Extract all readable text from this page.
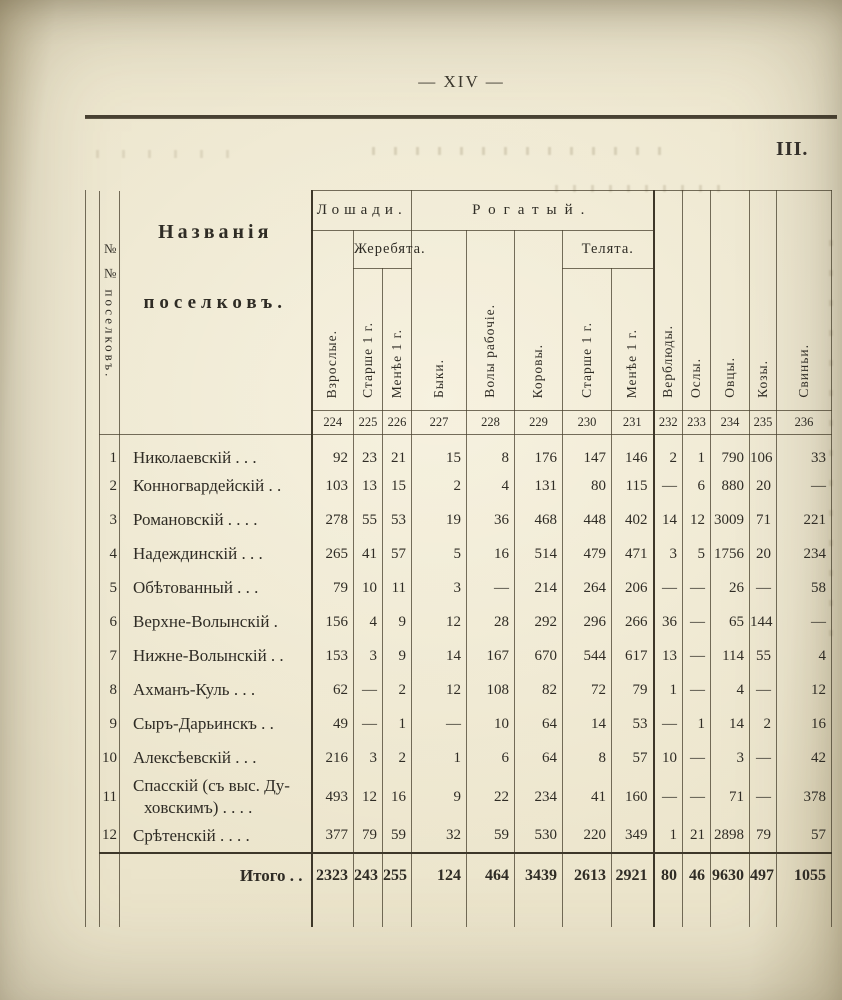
— XIV —
III.
№ № поселковъ.	Названія
поселковъ.	Лошади.			Рогатый.					Верблюды.	Ослы.	Овцы.	Козы.	Свиньи.
		Взрослые.	Жеребята.		Быки.	Волы рабочіе.	Коровы.	Телята.						
			Старше 1 г.	Менѣе 1 г.				Старше 1 г.	Менѣе 1 г.					
		224	225	226	227	228	229	230	231	232	233	234	235	236
1	Николаевскій . . .	92	23	21	15	8	176	147	146	2	1	790	106	33
2	Конногвардейскій . .	103	13	15	2	4	131	80	115	—	6	880	20	—
3	Романовскій . . . .	278	55	53	19	36	468	448	402	14	12	3009	71	221
4	Надеждинскій . . .	265	41	57	5	16	514	479	471	3	5	1756	20	234
5	Обѣтованный . . .	79	10	11	3	—	214	264	206	—	—	26	—	58
6	Верхне-Волынскій .	156	4	9	12	28	292	296	266	36	—	65	144	—
7	Нижне-Волынскій . .	153	3	9	14	167	670	544	617	13	—	114	55	4
8	Ахманъ-Куль . . .	62	—	2	12	108	82	72	79	1	—	4	—	12
9	Сыръ-Дарьинскъ . .	49	—	1	—	10	64	14	53	—	1	14	2	16
10	Алексѣевскій . . .	216	3	2	1	6	64	8	57	10	—	3	—	42
11	Спасскій (съ выс. Ду-
ховскимъ) . . . .	493	12	16	9	22	234	41	160	—	—	71	—	378
12	Срѣтенскій . . . .	377	79	59	32	59	530	220	349	1	21	2898	79	57
	Итого . .	2323	243	255	124	464	3439	2613	2921	80	46	9630	497	1055
